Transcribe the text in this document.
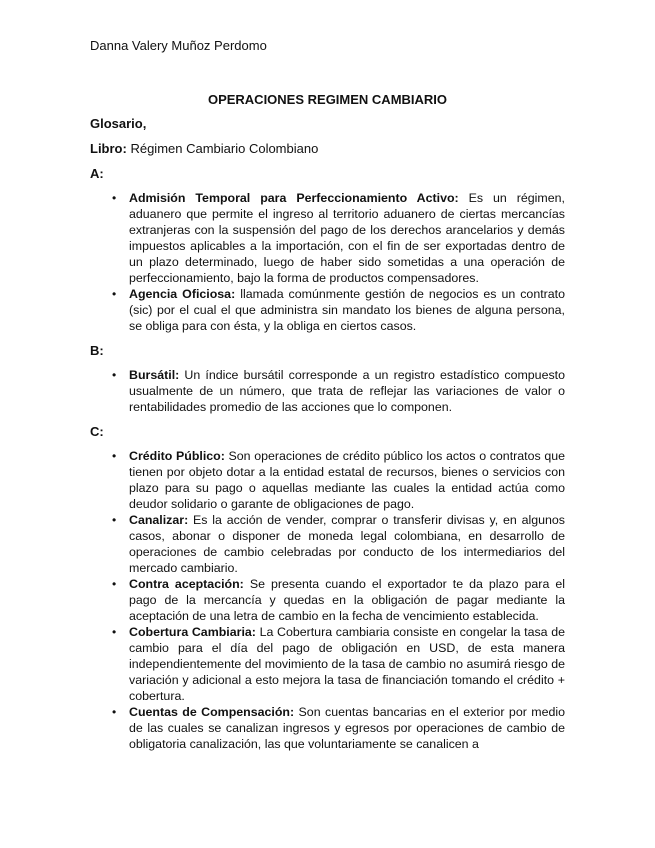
Danna Valery Muñoz Perdomo
OPERACIONES REGIMEN CAMBIARIO

Glosario,

Libro: Régimen Cambiario Colombiano

A:

• Admisión Temporal para Perfeccionamiento Activo: Es un régimen, aduanero que permite el ingreso al territorio aduanero de ciertas mercancías extranjeras con la suspensión del pago de los derechos arancelarios y demás impuestos aplicables a la importación, con el fin de ser exportadas dentro de un plazo determinado, luego de haber sido sometidas a una operación de perfeccionamiento, bajo la forma de productos compensadores.
• Agencia Oficiosa: llamada comúnmente gestión de negocios es un contrato (sic) por el cual el que administra sin mandato los bienes de alguna persona, se obliga para con ésta, y la obliga en ciertos casos.

B:

• Bursátil: Un índice bursátil corresponde a un registro estadístico compuesto usualmente de un número, que trata de reflejar las variaciones de valor o rentabilidades promedio de las acciones que lo componen.

C:

• Crédito Público: Son operaciones de crédito público los actos o contratos que tienen por objeto dotar a la entidad estatal de recursos, bienes o servicios con plazo para su pago o aquellas mediante las cuales la entidad actúa como deudor solidario o garante de obligaciones de pago.
• Canalizar: Es la acción de vender, comprar o transferir divisas y, en algunos casos, abonar o disponer de moneda legal colombiana, en desarrollo de operaciones de cambio celebradas por conducto de los intermediarios del mercado cambiario.
• Contra aceptación: Se presenta cuando el exportador te da plazo para el pago de la mercancía y quedas en la obligación de pagar mediante la aceptación de una letra de cambio en la fecha de vencimiento establecida.
• Cobertura Cambiaria: La Cobertura cambiaria consiste en congelar la tasa de cambio para el día del pago de obligación en USD, de esta manera independientemente del movimiento de la tasa de cambio no asumirá riesgo de variación y adicional a esto mejora la tasa de financiación tomando el crédito + cobertura.
• Cuentas de Compensación: Son cuentas bancarias en el exterior por medio de las cuales se canalizan ingresos y egresos por operaciones de cambio de obligatoria canalización, las que voluntariamente se canalicen a
